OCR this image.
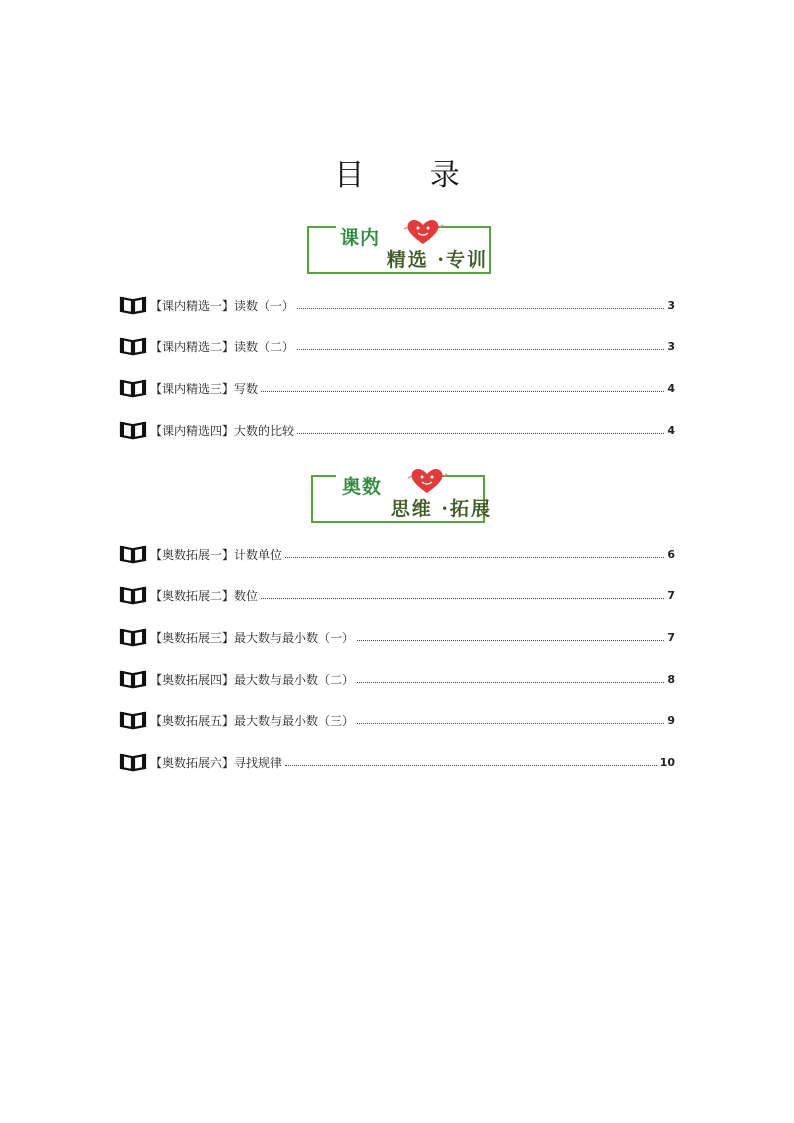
目 录
课内
精选 ·专训
【课内精选一】 读数（一）	3
【课内精选二】 读数（二）	3
【课内精选三】 写数	4
【课内精选四】 大数的比较	4
奥数
思维 ·拓展
【奥数拓展一】 计数单位	6
【奥数拓展二】 数位	7
【奥数拓展三】 最大数与最小数（一）	7
【奥数拓展四】 最大数与最小数（二）	8
【奥数拓展五】 最大数与最小数（三）	9
【奥数拓展六】 寻找规律	10
